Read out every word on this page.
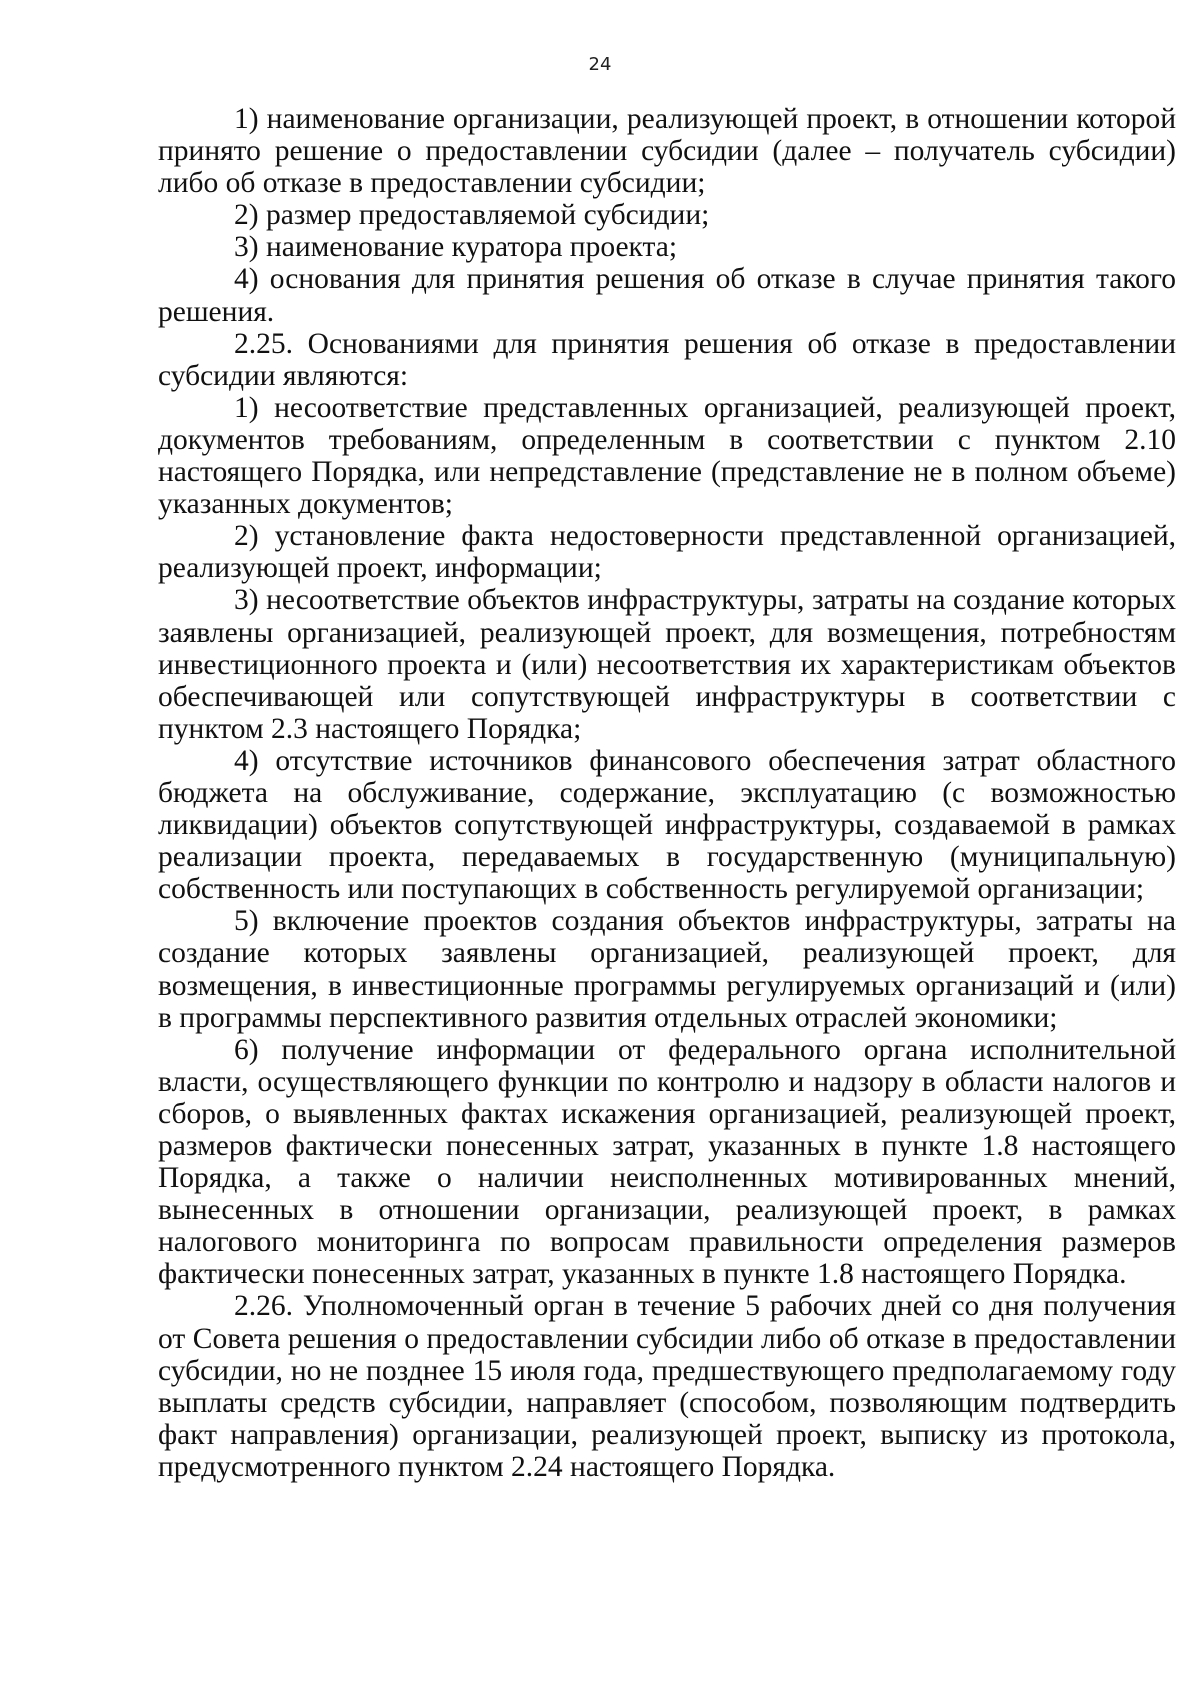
24

1) наименование организации, реализующей проект, в отношении которой принято решение о предоставлении субсидии (далее – получатель субсидии) либо об отказе в предоставлении субсидии;

2) размер предоставляемой субсидии;

3) наименование куратора проекта;

4) основания для принятия решения об отказе в случае принятия такого решения.

2.25. Основаниями для принятия решения об отказе в предоставлении субсидии являются:

1) несоответствие представленных организацией, реализующей проект, документов требованиям, определенным в соответствии с пунктом 2.10 настоящего Порядка, или непредставление (представление не в полном объеме) указанных документов;

2) установление факта недостоверности представленной организацией, реализующей проект, информации;

3) несоответствие объектов инфраструктуры, затраты на создание которых заявлены организацией, реализующей проект, для возмещения, потребностям инвестиционного проекта и (или) несоответствия их характеристикам объектов обеспечивающей или сопутствующей инфраструктуры в соответствии с пунктом 2.3 настоящего Порядка;

4) отсутствие источников финансового обеспечения затрат областного бюджета на обслуживание, содержание, эксплуатацию (с возможностью ликвидации) объектов сопутствующей инфраструктуры, создаваемой в рамках реализации проекта, передаваемых в государственную (муниципальную) собственность или поступающих в собственность регулируемой организации;

5) включение проектов создания объектов инфраструктуры, затраты на создание которых заявлены организацией, реализующей проект, для возмещения, в инвестиционные программы регулируемых организаций и (или) в программы перспективного развития отдельных отраслей экономики;

6) получение информации от федерального органа исполнительной власти, осуществляющего функции по контролю и надзору в области налогов и сборов, о выявленных фактах искажения организацией, реализующей проект, размеров фактически понесенных затрат, указанных в пункте 1.8 настоящего Порядка, а также о наличии неисполненных мотивированных мнений, вынесенных в отношении организации, реализующей проект, в рамках налогового мониторинга по вопросам правильности определения размеров фактически понесенных затрат, указанных в пункте 1.8 настоящего Порядка.

2.26. Уполномоченный орган в течение 5 рабочих дней со дня получения от Совета решения о предоставлении субсидии либо об отказе в предоставлении субсидии, но не позднее 15 июля года, предшествующего предполагаемому году выплаты средств субсидии, направляет (способом, позволяющим подтвердить факт направления) организации, реализующей проект, выписку из протокола, предусмотренного пунктом 2.24 настоящего Порядка.
